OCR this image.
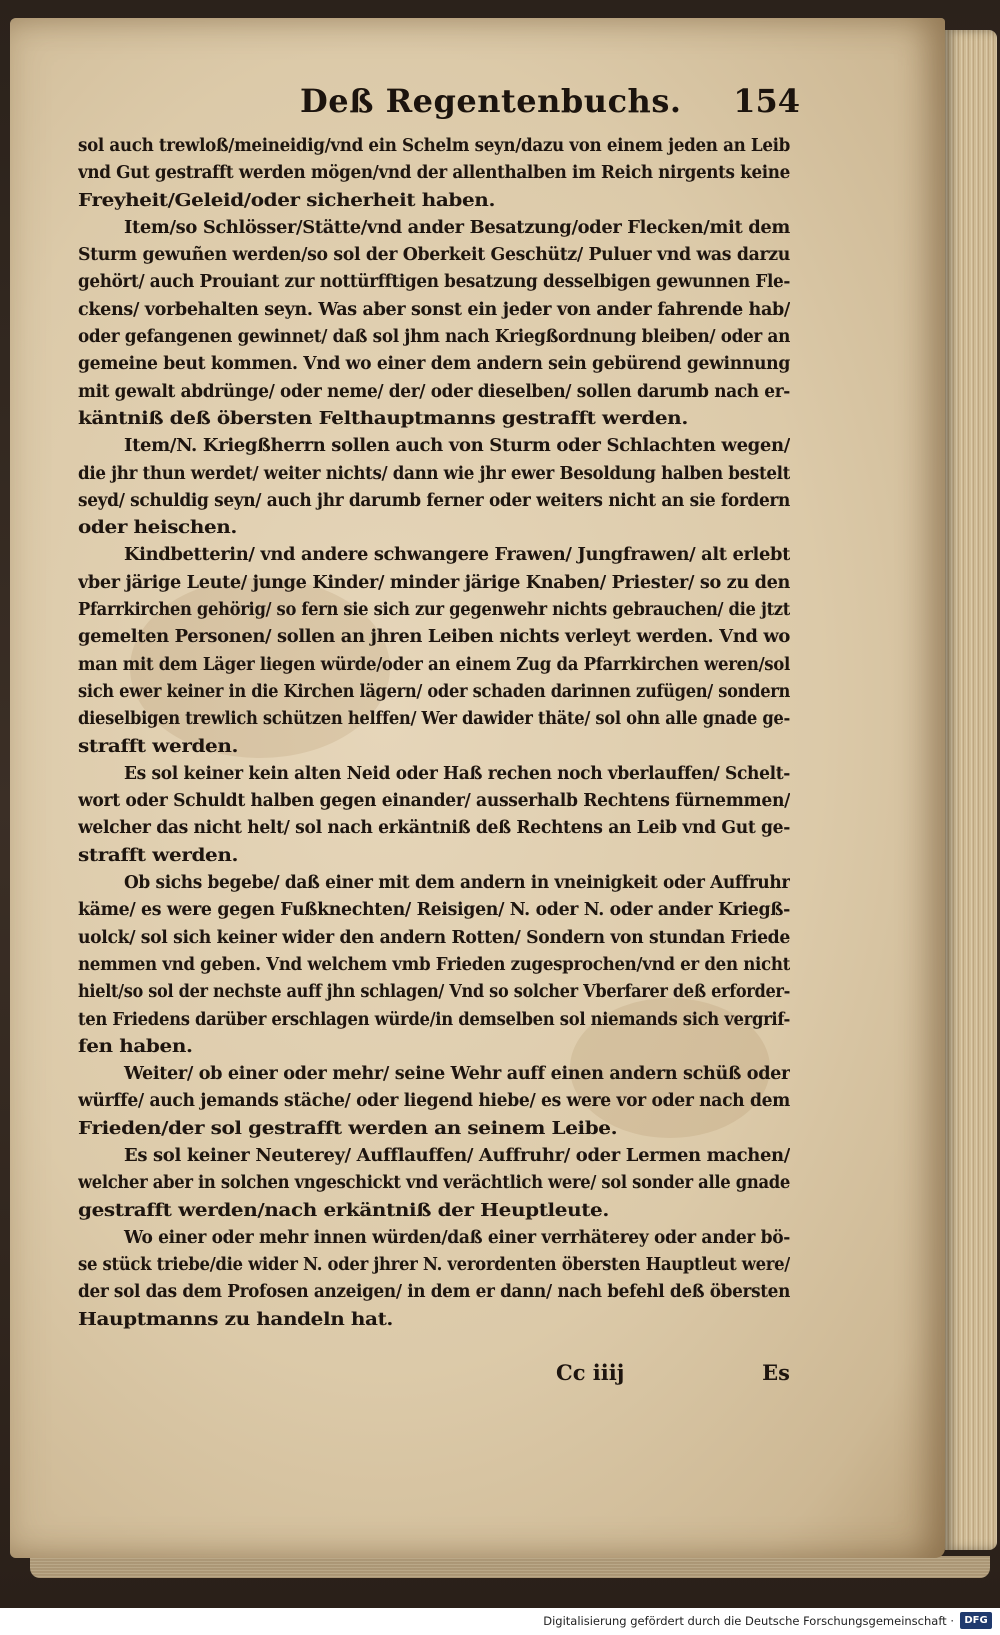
Deß Regentenbuchs. 154
sol auch trewloß/meineidig/vnd ein Schelm seyn/dazu von einem jeden an Leib
vnd Gut gestrafft werden mögen/vnd der allenthalben im Reich nirgents keine
Freyheit/Geleid/oder sicherheit haben.
Item/so Schlösser/Stätte/vnd ander Besatzung/oder Flecken/mit dem
Sturm gewuñen werden/so sol der Oberkeit Geschütz/ Puluer vnd was darzu
gehört/ auch Prouiant zur nottürfftigen besatzung desselbigen gewunnen Fle-
ckens/ vorbehalten seyn. Was aber sonst ein jeder von ander fahrende hab/
oder gefangenen gewinnet/ daß sol jhm nach Kriegßordnung bleiben/ oder an
gemeine beut kommen. Vnd wo einer dem andern sein gebürend gewinnung
mit gewalt abdrünge/ oder neme/ der/ oder dieselben/ sollen darumb nach er-
käntniß deß öbersten Felthauptmanns gestrafft werden.
Item/N. Kriegßherrn sollen auch von Sturm oder Schlachten wegen/
die jhr thun werdet/ weiter nichts/ dann wie jhr ewer Besoldung halben bestelt
seyd/ schuldig seyn/ auch jhr darumb ferner oder weiters nicht an sie fordern
oder heischen.
Kindbetterin/ vnd andere schwangere Frawen/ Jungfrawen/ alt erlebt
vber järige Leute/ junge Kinder/ minder järige Knaben/ Priester/ so zu den
Pfarrkirchen gehörig/ so fern sie sich zur gegenwehr nichts gebrauchen/ die jtzt
gemelten Personen/ sollen an jhren Leiben nichts verleyt werden. Vnd wo
man mit dem Läger liegen würde/oder an einem Zug da Pfarrkirchen weren/sol
sich ewer keiner in die Kirchen lägern/ oder schaden darinnen zufügen/ sondern
dieselbigen trewlich schützen helffen/ Wer dawider thäte/ sol ohn alle gnade ge-
strafft werden.
Es sol keiner kein alten Neid oder Haß rechen noch vberlauffen/ Schelt-
wort oder Schuldt halben gegen einander/ ausserhalb Rechtens fürnemmen/
welcher das nicht helt/ sol nach erkäntniß deß Rechtens an Leib vnd Gut ge-
strafft werden.
Ob sichs begebe/ daß einer mit dem andern in vneinigkeit oder Auffruhr
käme/ es were gegen Fußknechten/ Reisigen/ N. oder N. oder ander Kriegß-
uolck/ sol sich keiner wider den andern Rotten/ Sondern von stundan Friede
nemmen vnd geben. Vnd welchem vmb Frieden zugesprochen/vnd er den nicht
hielt/so sol der nechste auff jhn schlagen/ Vnd so solcher Vberfarer deß erforder-
ten Friedens darüber erschlagen würde/in demselben sol niemands sich vergrif-
fen haben.
Weiter/ ob einer oder mehr/ seine Wehr auff einen andern schüß oder
würffe/ auch jemands stäche/ oder liegend hiebe/ es were vor oder nach dem
Frieden/der sol gestrafft werden an seinem Leibe.
Es sol keiner Neuterey/ Aufflauffen/ Auffruhr/ oder Lermen machen/
welcher aber in solchen vngeschickt vnd verächtlich were/ sol sonder alle gnade
gestrafft werden/nach erkäntniß der Heuptleute.
Wo einer oder mehr innen würden/daß einer verrhäterey oder ander bö-
se stück triebe/die wider N. oder jhrer N. verordenten öbersten Hauptleut were/
der sol das dem Profosen anzeigen/ in dem er dann/ nach befehl deß öbersten
Hauptmanns zu handeln hat.
Cc iiij	Es
Digitalisierung gefördert durch die Deutsche Forschungsgemeinschaft ·	DFG
